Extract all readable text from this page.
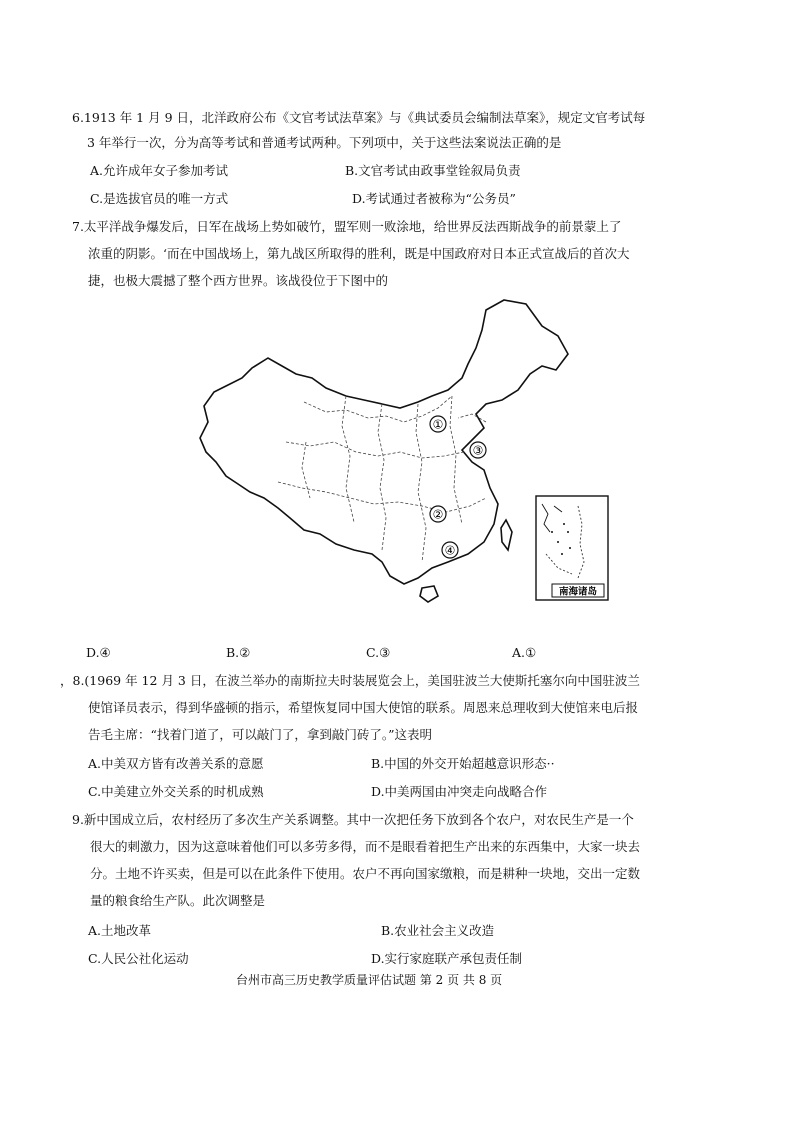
6.1913 年 1 月 9 日，北洋政府公布《文官考试法草案》与《典试委员会编制法草案》，规定文官考试每
3 年举行一次，分为高等考试和普通考试两种。下列项中，关于这些法案说法正确的是
A.允许成年女子参加考试	B.文官考试由政事堂铨叙局负责
C.是选拔官员的唯一方式	D.考试通过者被称为“公务员”
7.太平洋战争爆发后，日军在战场上势如破竹，盟军则一败涂地，给世界反法西斯战争的前景蒙上了
浓重的阴影。‘而在中国战场上，第九战区所取得的胜利，既是中国政府对日本正式宣战后的首次大
捷，也极大震撼了整个西方世界。该战役位于下图中的
①
③
②
④
南海诸岛
D.④	B.②	C.③	A.①
，8.(1969 年 12 月 3 日，在波兰举办的南斯拉夫时装展览会上，美国驻波兰大使斯托塞尔向中国驻波兰
使馆译员表示，得到华盛顿的指示，希望恢复同中国大使馆的联系。周恩来总理收到大使馆来电后报
告毛主席：“找着门道了，可以敲门了，拿到敲门砖了。”这表明
A.中美双方皆有改善关系的意愿	B.中国的外交开始超越意识形态··
C.中美建立外交关系的时机成熟	D.中美两国由冲突走向战略合作
9.新中国成立后，农村经历了多次生产关系调整。其中一次把任务下放到各个农户，对农民生产是一个
很大的刺激力，因为这意味着他们可以多劳多得，而不是眼看着把生产出来的东西集中，大家一块去
分。土地不许买卖，但是可以在此条件下使用。农户不再向国家缴粮，而是耕种一块地，交出一定数
量的粮食给生产队。此次调整是
A.土地改革	B.农业社会主义改造
C.人民公社化运动	D.实行家庭联产承包责任制
台州市高三历史教学质量评估试题 第 2 页 共 8 页
